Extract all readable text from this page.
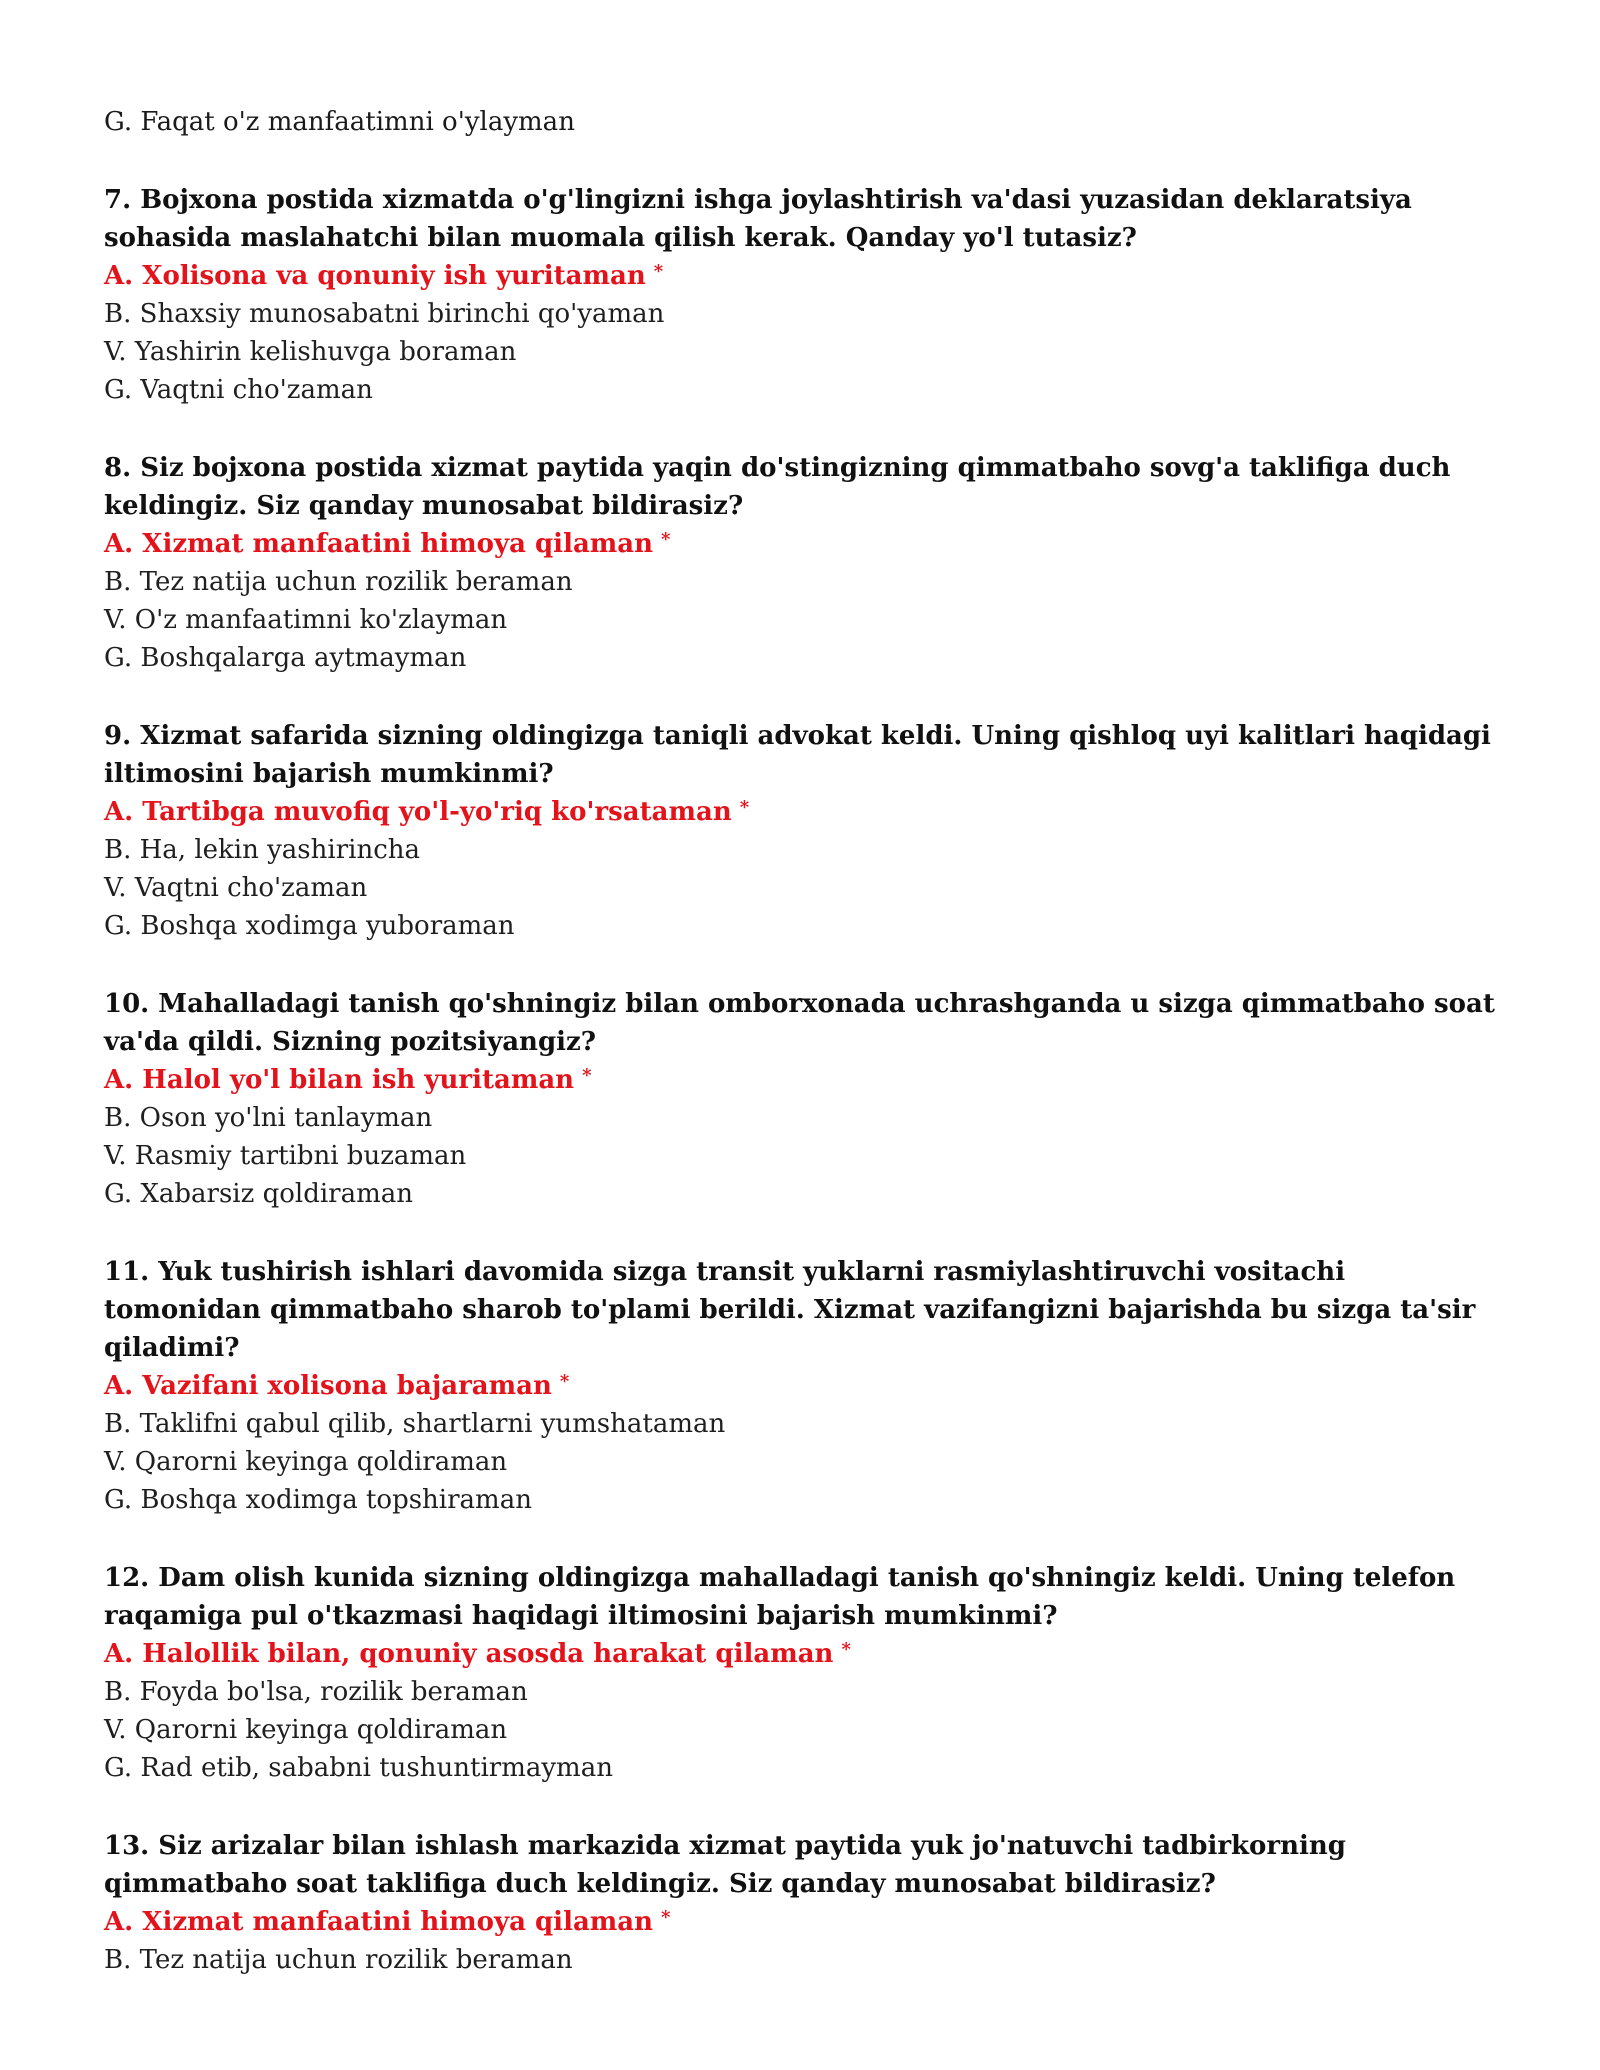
G. Faqat o'z manfaatimni o'ylayman

7. Bojxona postida xizmatda o'g'lingizni ishga joylashtirish va'dasi yuzasidan deklaratsiya sohasida maslahatchi bilan muomala qilish kerak. Qanday yo'l tutasiz?

A. Xolisona va qonuniy ish yuritaman *

B. Shaxsiy munosabatni birinchi qo'yaman

V. Yashirin kelishuvga boraman

G. Vaqtni cho'zaman

8. Siz bojxona postida xizmat paytida yaqin do'stingizning qimmatbaho sovg'a taklifiga duch keldingiz. Siz qanday munosabat bildirasiz?

A. Xizmat manfaatini himoya qilaman *

B. Tez natija uchun rozilik beraman

V. O'z manfaatimni ko'zlayman

G. Boshqalarga aytmayman

9. Xizmat safarida sizning oldingizga taniqli advokat keldi. Uning qishloq uyi kalitlari haqidagi iltimosini bajarish mumkinmi?

A. Tartibga muvofiq yo'l-yo'riq ko'rsataman *

B. Ha, lekin yashirincha

V. Vaqtni cho'zaman

G. Boshqa xodimga yuboraman

10. Mahalladagi tanish qo'shningiz bilan omborxonada uchrashganda u sizga qimmatbaho soat va'da qildi. Sizning pozitsiyangiz?

A. Halol yo'l bilan ish yuritaman *

B. Oson yo'lni tanlayman

V. Rasmiy tartibni buzaman

G. Xabarsiz qoldiraman

11. Yuk tushirish ishlari davomida sizga transit yuklarni rasmiylashtiruvchi vositachi tomonidan qimmatbaho sharob to'plami berildi. Xizmat vazifangizni bajarishda bu sizga ta'sir qiladimi?

A. Vazifani xolisona bajaraman *

B. Taklifni qabul qilib, shartlarni yumshataman

V. Qarorni keyinga qoldiraman

G. Boshqa xodimga topshiraman

12. Dam olish kunida sizning oldingizga mahalladagi tanish qo'shningiz keldi. Uning telefon raqamiga pul o'tkazmasi haqidagi iltimosini bajarish mumkinmi?

A. Halollik bilan, qonuniy asosda harakat qilaman *

B. Foyda bo'lsa, rozilik beraman

V. Qarorni keyinga qoldiraman

G. Rad etib, sababni tushuntirmayman

13. Siz arizalar bilan ishlash markazida xizmat paytida yuk jo'natuvchi tadbirkorning qimmatbaho soat taklifiga duch keldingiz. Siz qanday munosabat bildirasiz?

A. Xizmat manfaatini himoya qilaman *

B. Tez natija uchun rozilik beraman
